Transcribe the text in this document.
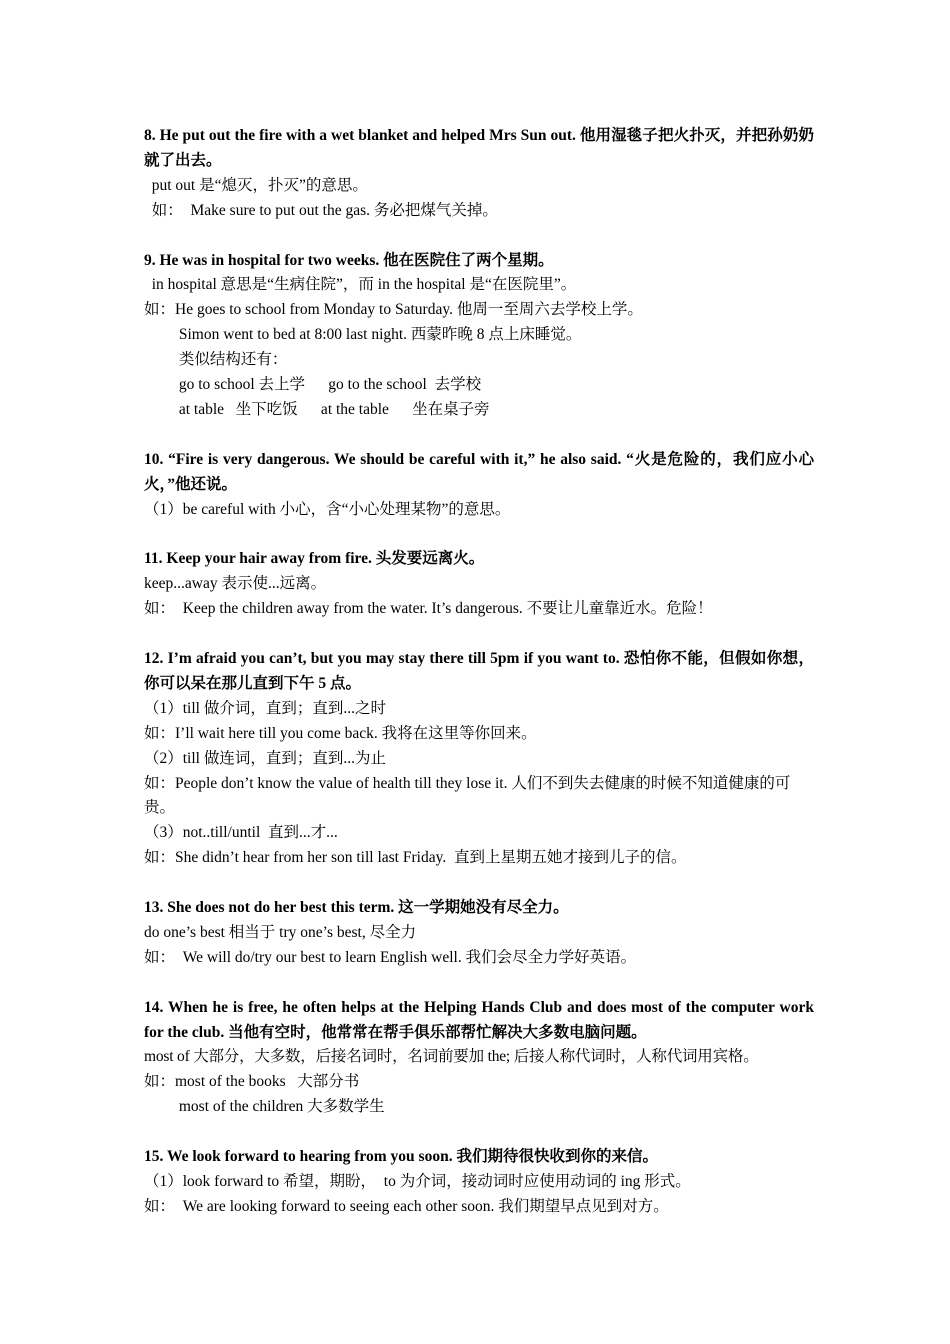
8. He put out the fire with a wet blanket and helped Mrs Sun out. 他用湿毯子把火扑灭，并把孙奶奶就了出去。
put out 是“熄灭，扑灭”的意思。
如：  Make sure to put out the gas. 务必把煤气关掉。
9. He was in hospital for two weeks. 他在医院住了两个星期。
in hospital 意思是“生病住院”，而 in the hospital 是“在医院里”。
如：He goes to school from Monday to Saturday. 他周一至周六去学校上学。
Simon went to bed at 8:00 last night. 西蒙昨晚 8 点上床睡觉。
类似结构还有：
go to school 去上学      go to the school  去学校
at table   坐下吃饭      at the table      坐在桌子旁
10. “Fire is very dangerous. We should be careful with it,” he also said. “火是危险的，我们应小心火，”他还说。
（1）be careful with 小心，含“小心处理某物”的意思。
11. Keep your hair away from fire. 头发要远离火。
keep...away 表示使...远离。
如：  Keep the children away from the water. It’s dangerous. 不要让儿童靠近水。危险！
12. I’m afraid you can’t, but you may stay there till 5pm if you want to. 恐怕你不能，但假如你想，你可以呆在那儿直到下午 5 点。
（1）till 做介词，直到；直到...之时
如：I’ll wait here till you come back. 我将在这里等你回来。
（2）till 做连词，直到；直到...为止
如：People don’t know the value of health till they lose it. 人们不到失去健康的时候不知道健康的可贵。
（3）not..till/until  直到...才...
如：She didn’t hear from her son till last Friday.  直到上星期五她才接到儿子的信。
13. She does not do her best this term. 这一学期她没有尽全力。
do one’s best 相当于 try one’s best, 尽全力
如：  We will do/try our best to learn English well. 我们会尽全力学好英语。
14. When he is free, he often helps at the Helping Hands Club and does most of the computer work for the club. 当他有空时，他常常在帮手俱乐部帮忙解决大多数电脑问题。
most of 大部分，大多数，后接名词时，名词前要加 the; 后接人称代词时，人称代词用宾格。
如：most of the books   大部分书
most of the children 大多数学生
15. We look forward to hearing from you soon. 我们期待很快收到你的来信。
（1）look forward to 希望，期盼，  to 为介词，接动词时应使用动词的 ing 形式。
如：  We are looking forward to seeing each other soon. 我们期望早点见到对方。
